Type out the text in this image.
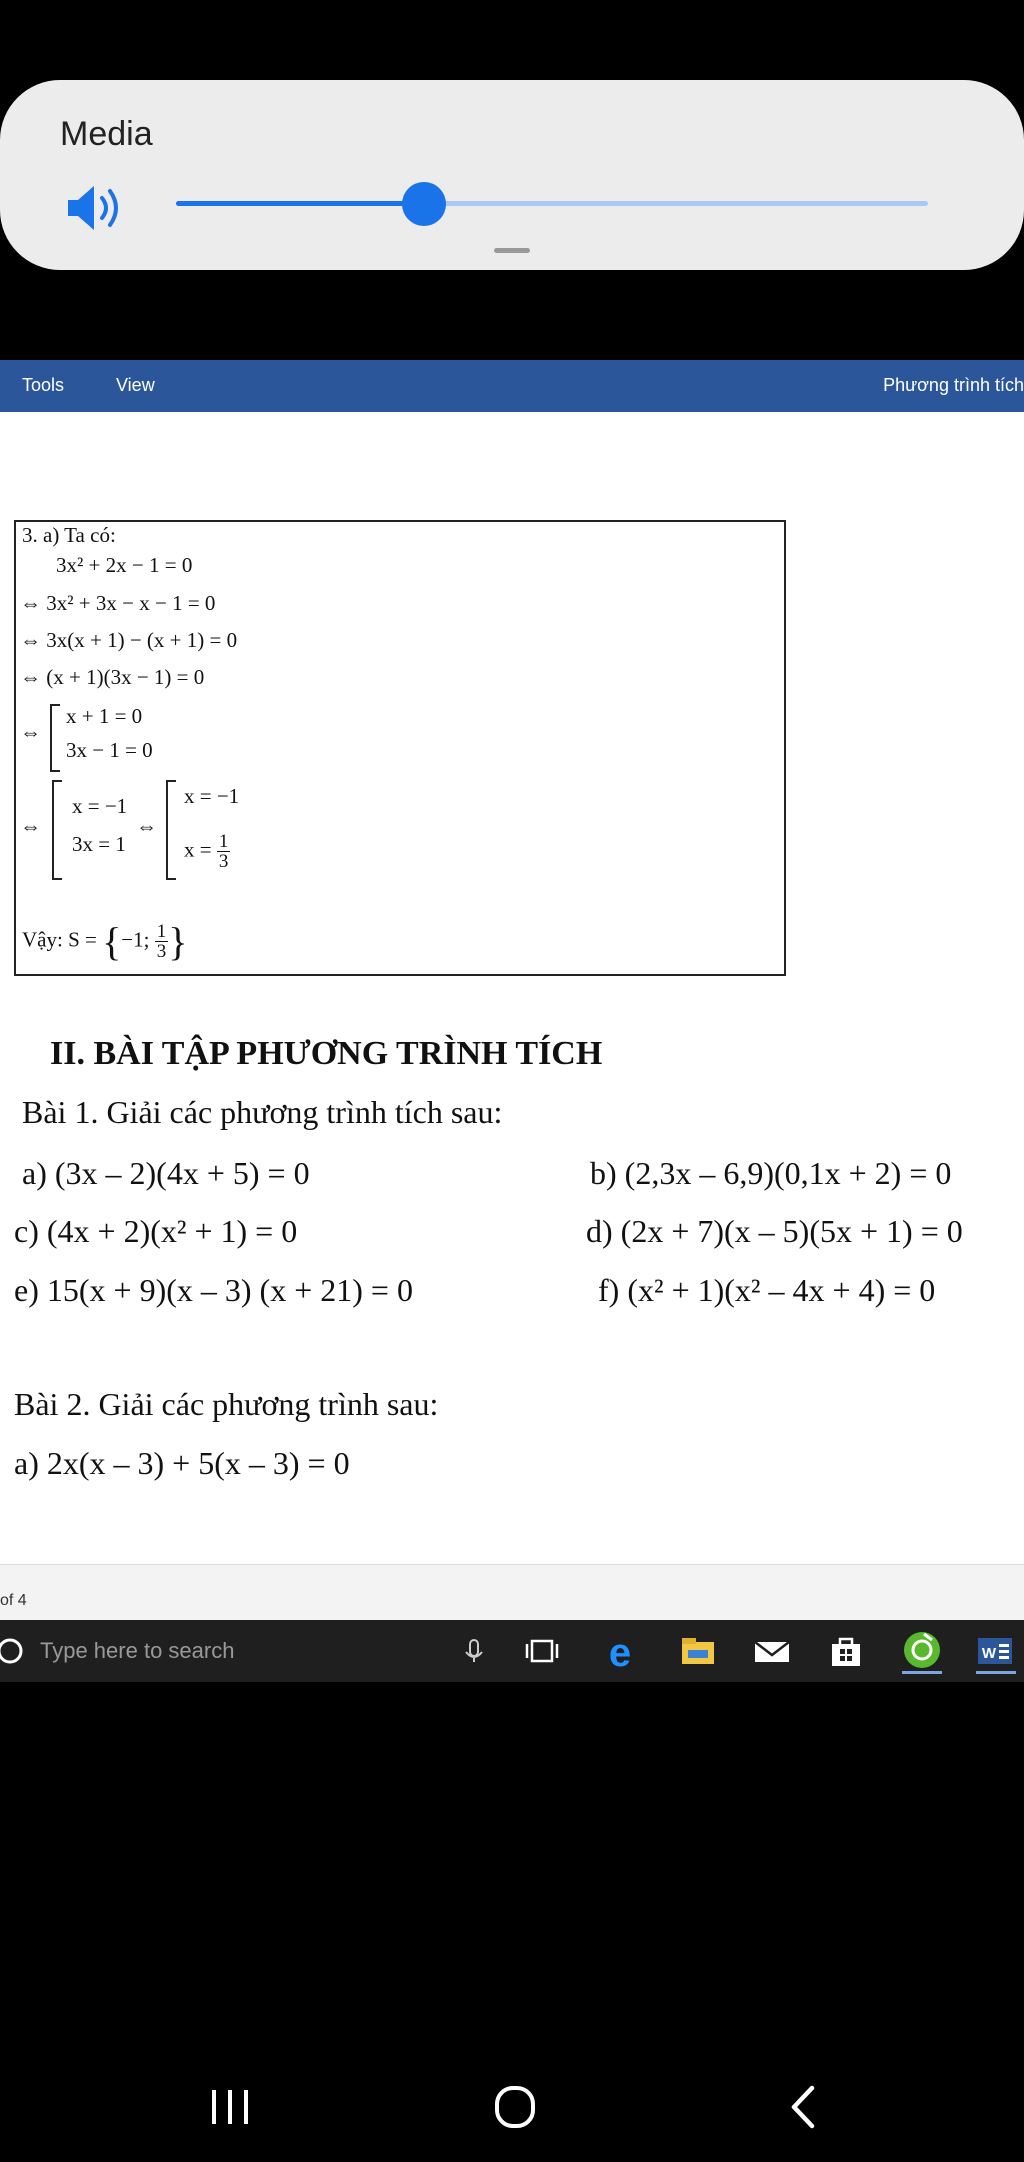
Media
Tools	View	Phương trình tích
3. a) Ta có:
3x² + 2x − 1 = 0
⇔ 3x² + 3x − x − 1 = 0
⇔ 3x(x + 1) − (x + 1) = 0
⇔ (x + 1)(3x − 1) = 0
⇔
x + 1 = 0
3x − 1 = 0
⇔
x = −1
3x = 1
⇔
x = −1
$x = \frac{1}{3}$
Vậy: S = {−1; $\frac{1}{3}$ }
II. BÀI TẬP PHƯƠNG TRÌNH TÍCH
Bài 1. Giải các phương trình tích sau:
a) (3x – 2)(4x + 5) = 0	b) (2,3x – 6,9)(0,1x + 2) = 0
c) (4x + 2)(x² + 1) = 0	d) (2x + 7)(x – 5)(5x + 1) = 0
e) 15(x + 9)(x – 3) (x + 21) = 0	f) (x² + 1)(x² – 4x + 4) = 0
Bài 2. Giải các phương trình sau:
a) 2x(x – 3) + 5(x – 3) = 0
of 4
Type here to search	e	W
